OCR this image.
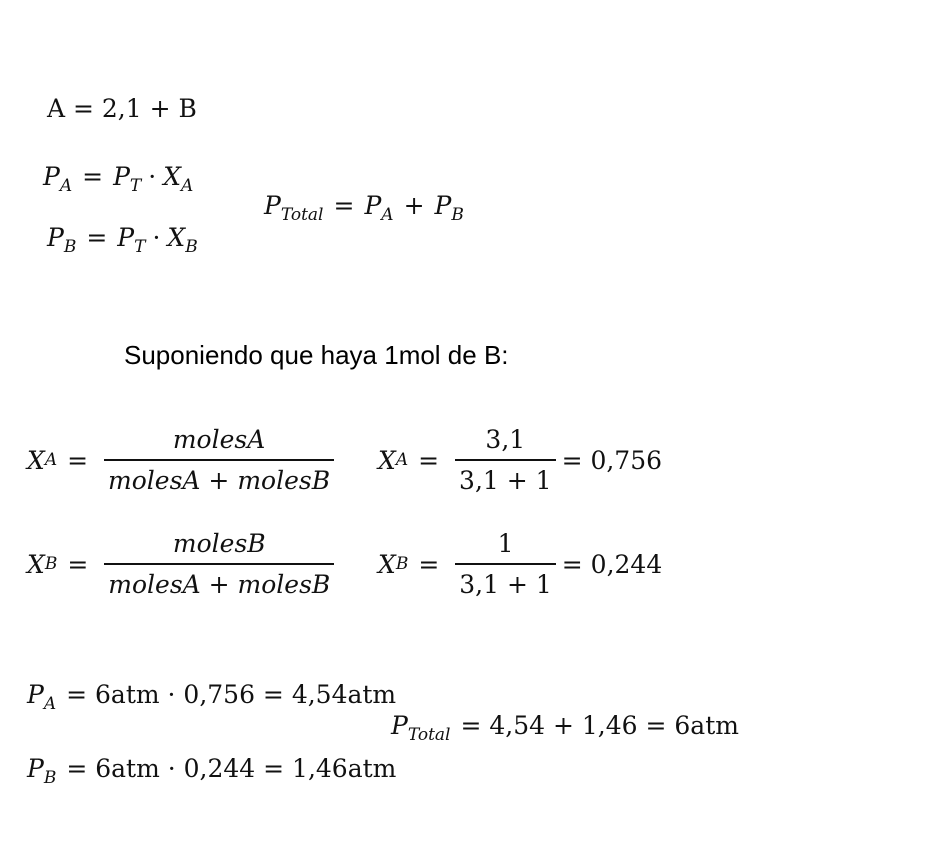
A = 2,1 + B
$P_A = P_T \cdot X_A$
$P_B = P_T \cdot X_B$
$P_{Total} = P_A + P_B$
Suponiendo que haya 1mol de B:
X $A = \frac{\text{molesA}}{\text{molesA + molesB}}$ X $A = \frac{3,1}{3,1 + 1} = 0,756$
X $B = \frac{\text{molesB}}{\text{molesA + molesB}}$ X $B = \frac{1}{3,1 + 1} = 0,244$
$P_A = 6atm \cdot 0,756 = 4,54atm$
$P_B = 6atm \cdot 0,244 = 1,46atm$
$P_{Total} = 4,54 + 1,46 = 6atm$
